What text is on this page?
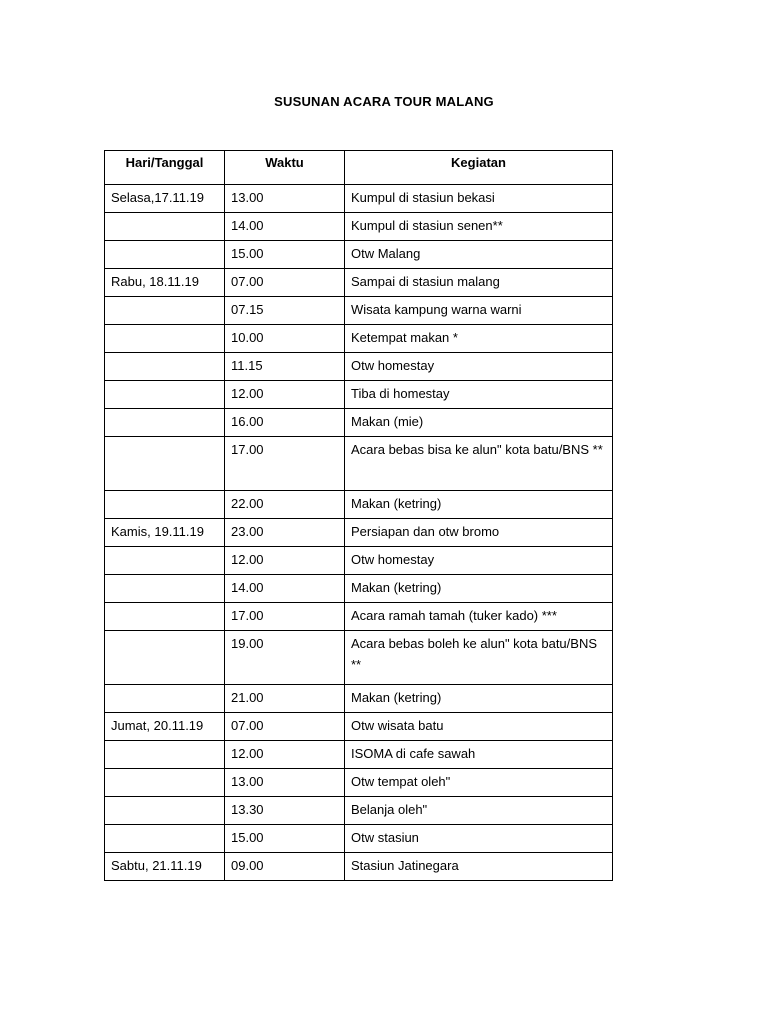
SUSUNAN ACARA TOUR MALANG
Hari/Tanggal	Waktu	Kegiatan
Selasa,17.11.19	13.00	Kumpul di stasiun bekasi
	14.00	Kumpul di stasiun senen**
	15.00	Otw Malang
Rabu, 18.11.19	07.00	Sampai di stasiun malang
	07.15	Wisata kampung warna warni
	10.00	Ketempat makan *
	11.15	Otw homestay
	12.00	Tiba di homestay
	16.00	Makan (mie)
	17.00	Acara bebas bisa ke alun" kota batu/BNS **
	22.00	Makan (ketring)
Kamis, 19.11.19	23.00	Persiapan dan otw bromo
	12.00	Otw homestay
	14.00	Makan (ketring)
	17.00	Acara ramah tamah (tuker kado) ***
	19.00	Acara bebas boleh ke alun" kota batu/BNS **
	21.00	Makan (ketring)
Jumat, 20.11.19	07.00	Otw wisata batu
	12.00	ISOMA di cafe sawah
	13.00	Otw tempat oleh"
	13.30	Belanja oleh"
	15.00	Otw stasiun
Sabtu, 21.11.19	09.00	Stasiun Jatinegara
